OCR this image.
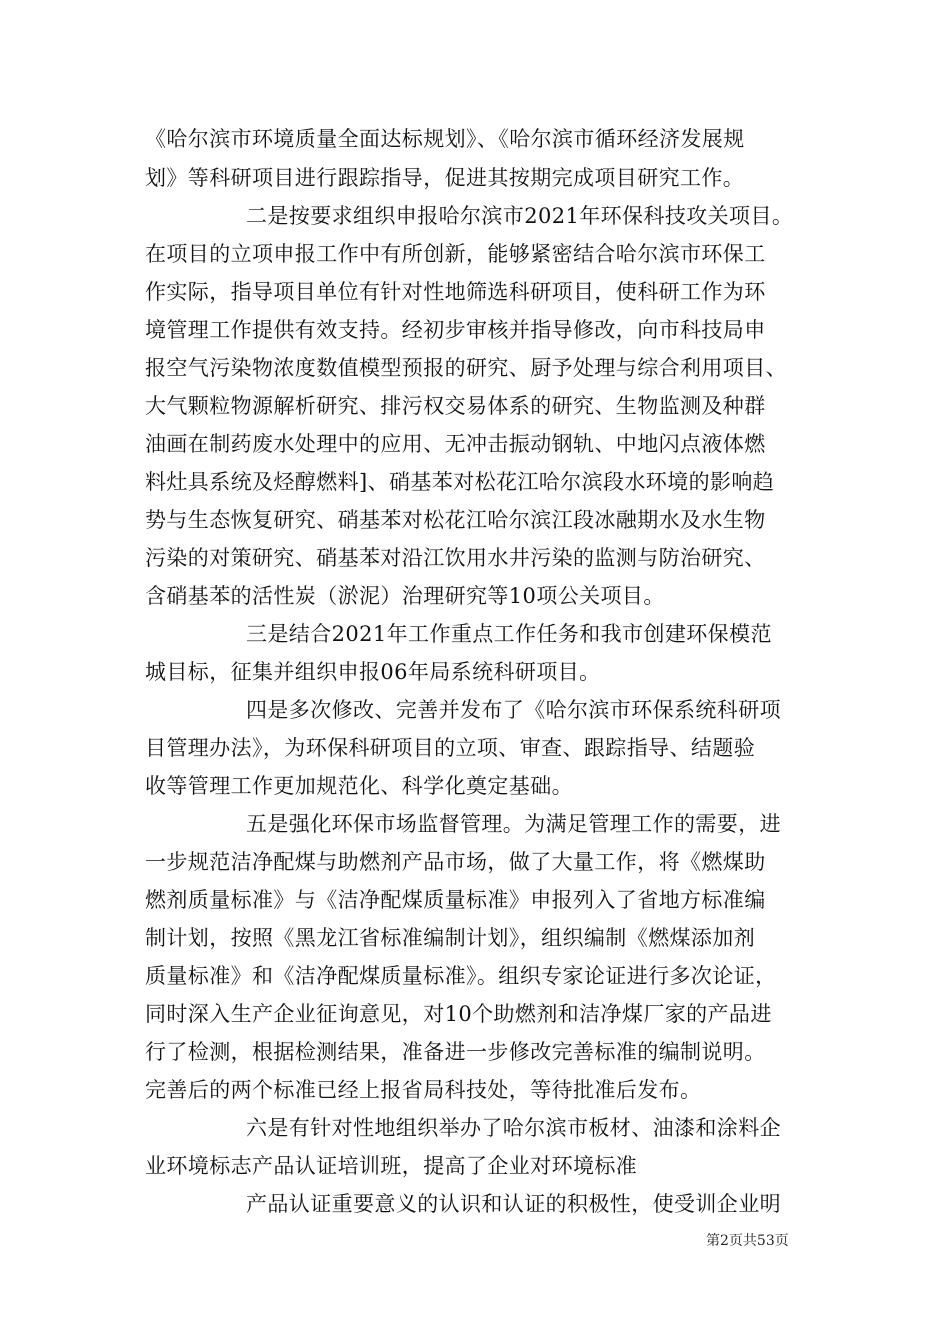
《哈尔滨市环境质量全面达标规划》、《哈尔滨市循环经济发展规
划》等科研项目进行跟踪指导，促进其按期完成项目研究工作。
二是按要求组织申报哈尔滨市2021年环保科技攻关项目。
在项目的立项申报工作中有所创新，能够紧密结合哈尔滨市环保工
作实际，指导项目单位有针对性地筛选科研项目，使科研工作为环
境管理工作提供有效支持。经初步审核并指导修改，向市科技局申
报空气污染物浓度数值模型预报的研究、厨予处理与综合利用项目、
大气颗粒物源解析研究、排污权交易体系的研究、生物监测及种群
油画在制药废水处理中的应用、无冲击振动钢轨、中地闪点液体燃
料灶具系统及烃醇燃料]、硝基苯对松花江哈尔滨段水环境的影响趋
势与生态恢复研究、硝基苯对松花江哈尔滨江段冰融期水及水生物
污染的对策研究、硝基苯对沿江饮用水井污染的监测与防治研究、
含硝基苯的活性炭（淤泥）治理研究等10项公关项目。
三是结合2021年工作重点工作任务和我市创建环保模范
城目标，征集并组织申报06年局系统科研项目。
四是多次修改、完善并发布了《哈尔滨市环保系统科研项
目管理办法》，为环保科研项目的立项、审查、跟踪指导、结题验
收等管理工作更加规范化、科学化奠定基础。
五是强化环保市场监督管理。为满足管理工作的需要，进
一步规范洁净配煤与助燃剂产品市场，做了大量工作，将《燃煤助
燃剂质量标准》与《洁净配煤质量标准》申报列入了省地方标准编
制计划，按照《黑龙江省标准编制计划》，组织编制《燃煤添加剂
质量标准》和《洁净配煤质量标准》。组织专家论证进行多次论证，
同时深入生产企业征询意见，对10个助燃剂和洁净煤厂家的产品进
行了检测，根据检测结果，准备进一步修改完善标准的编制说明。
完善后的两个标准已经上报省局科技处，等待批准后发布。
六是有针对性地组织举办了哈尔滨市板材、油漆和涂料企
业环境标志产品认证培训班，提高了企业对环境标准
产品认证重要意义的认识和认证的积极性，使受训企业明
第2页共53页
